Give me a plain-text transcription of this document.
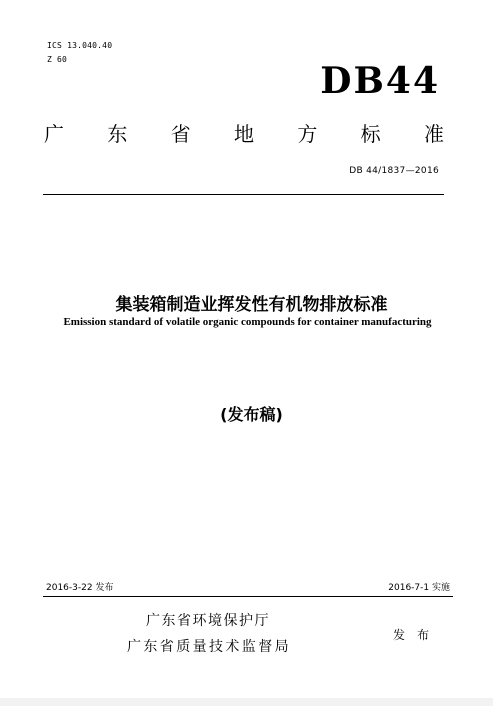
ICS 13.040.40
Z 60
DB44
广 东 省 地 方 标 准
DB 44/1837—2016
集装箱制造业挥发性有机物排放标准
Emission standard of volatile organic compounds for container manufacturing
(发布稿)
2016-3-22 发布	2016-7-1 实施
广东省环境保护厅
广东省质量技术监督局
发布
